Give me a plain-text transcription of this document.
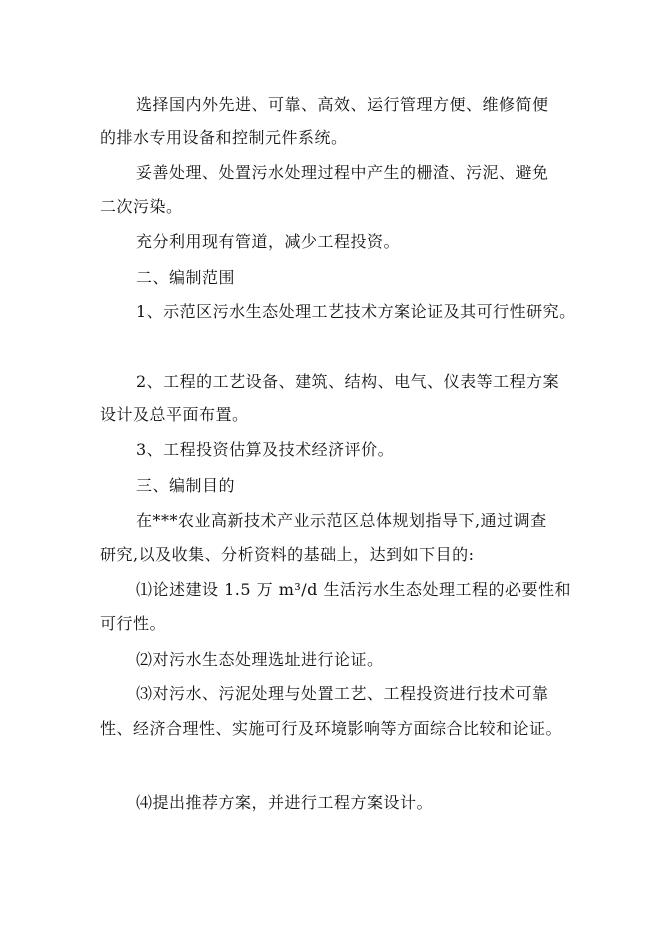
选择国内外先进、可靠、高效、运行管理方便、维修简便
的排水专用设备和控制元件系统。
妥善处理、处置污水处理过程中产生的栅渣、污泥、避免
二次污染。
充分利用现有管道，减少工程投资。
二、编制范围
1、示范区污水生态处理工艺技术方案论证及其可行性研究。
2、工程的工艺设备、建筑、结构、电气、仪表等工程方案
设计及总平面布置。
3、工程投资估算及技术经济评价。
三、编制目的
在***农业高新技术产业示范区总体规划指导下,通过调查
研究,以及收集、分析资料的基础上，达到如下目的:
⑴论述建设 1.5 万 m³/d 生活污水生态处理工程的必要性和
可行性。
⑵对污水生态处理选址进行论证。
⑶对污水、污泥处理与处置工艺、工程投资进行技术可靠
性、经济合理性、实施可行及环境影响等方面综合比较和论证。
⑷提出推荐方案，并进行工程方案设计。
